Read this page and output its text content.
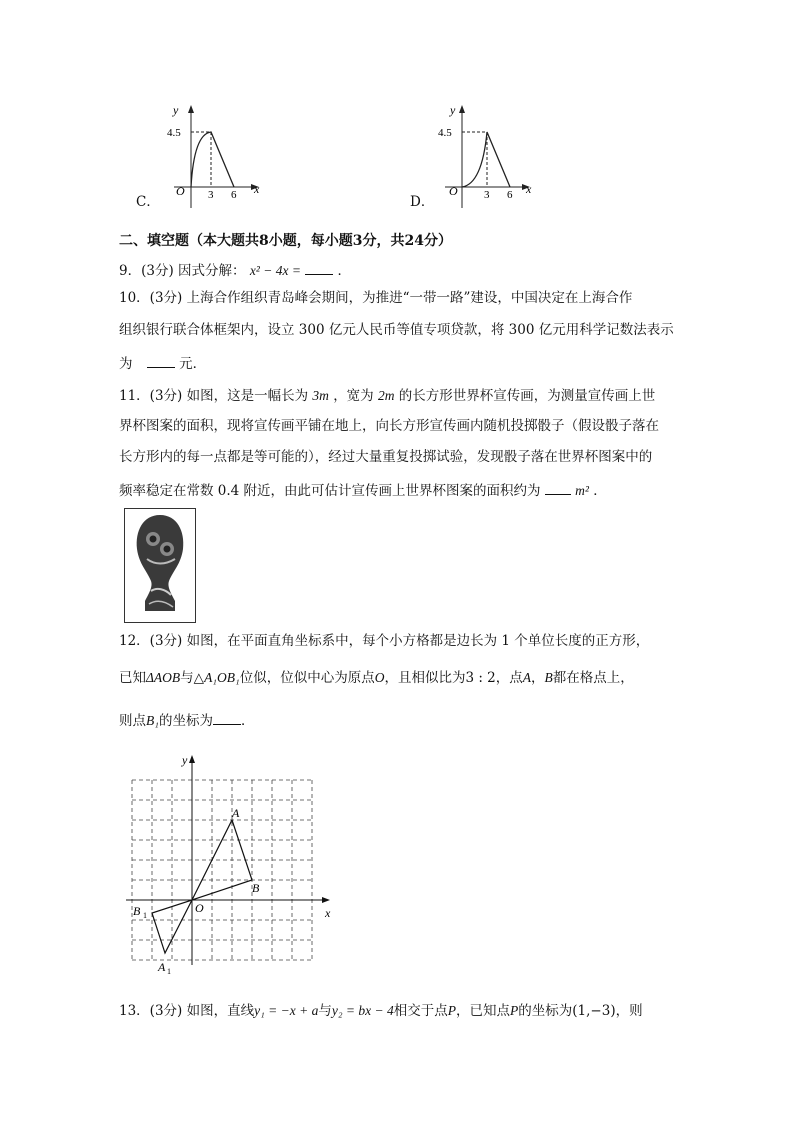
C．
y
x
O
4.5
3 6	D．
y
x
O
4.5
3 6
二、填空题（本大题共8小题，每小题3分，共24分）
9．(3分) 因式分解： x² − 4x =	．
10．(3分) 上海合作组织青岛峰会期间，为推进“一带一路”建设，中国决定在上海合作
组织银行联合体框架内，设立 300 亿元人民币等值专项贷款，将 300 亿元用科学记数法表示
为	元．
11．(3分) 如图，这是一幅长为 3m ，宽为 2m 的长方形世界杯宣传画，为测量宣传画上世
界杯图案的面积，现将宣传画平铺在地上，向长方形宣传画内随机投掷骰子（假设骰子落在
长方形内的每一点都是等可能的），经过大量重复投掷试验，发现骰子落在世界杯图案中的
频率稳定在常数 0.4 附近，由此可估计宣传画上世界杯图案的面积约为	m² ．
12．(3分) 如图，在平面直角坐标系中，每个小方格都是边长为 1 个单位长度的正方形，
已知ΔAOB与△A₁OB₁位似，位似中心为原点O，且相似比为3 : 2，点A，B都在格点上，
则点B₁的坐标为 ．
y
x
O
A
B
B 1
A 1
13．(3分) 如图，直线y₁ = −x + a与y₂ = bx − 4相交于点P，已知点P的坐标为(1,−3)，则
